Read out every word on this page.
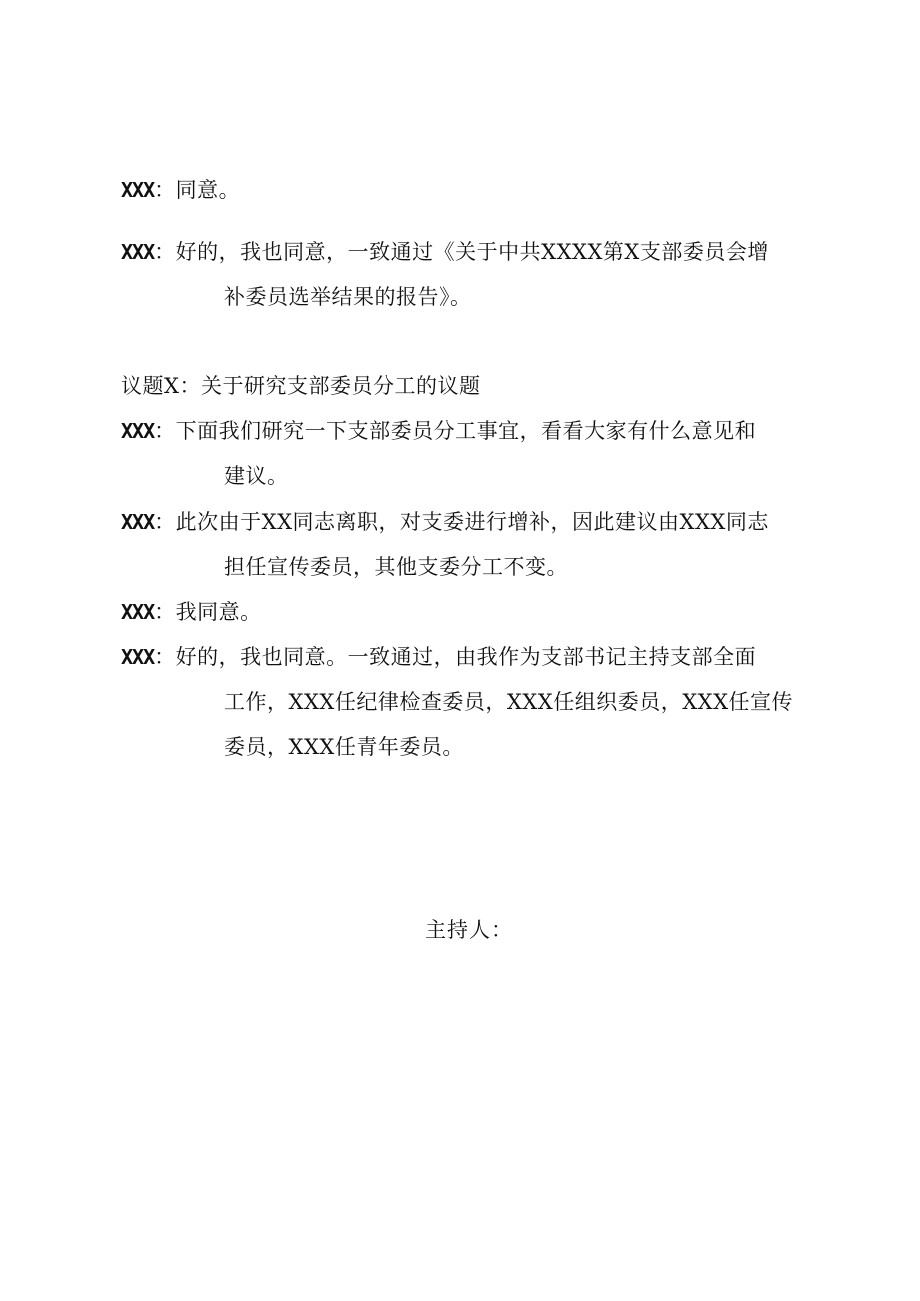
XXX：同意。
XXX：好的，我也同意，一致通过《关于中共XXXX第X支部委员会增
补委员选举结果的报告》。
议题X：关于研究支部委员分工的议题
XXX：下面我们研究一下支部委员分工事宜，看看大家有什么意见和
建议。
XXX：此次由于XX同志离职，对支委进行增补，因此建议由XXX同志
担任宣传委员，其他支委分工不变。
XXX：我同意。
XXX：好的，我也同意。一致通过，由我作为支部书记主持支部全面
工作，XXX任纪律检查委员，XXX任组织委员，XXX任宣传
委员，XXX任青年委员。
主持人：
